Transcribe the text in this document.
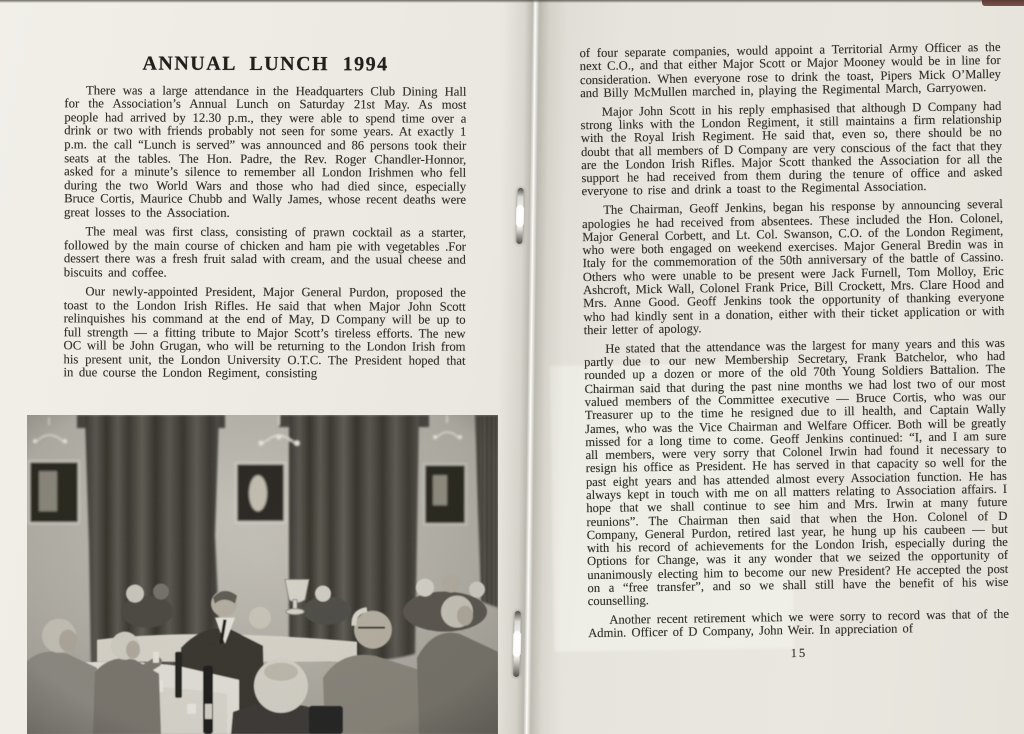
ANNUAL LUNCH 1994

There was a large attendance in the Headquarters Club Dining Hall for the Association’s Annual Lunch on Saturday 21st May. As most people had arrived by 12.30 p.m., they were able to spend time over a drink or two with friends probably not seen for some years. At exactly 1 p.m. the call “Lunch is served” was announced and 86 persons took their seats at the tables. The Hon. Padre, the Rev. Roger Chandler-Honnor, asked for a minute’s silence to remember all London Irishmen who fell during the two World Wars and those who had died since, especially Bruce Cortis, Maurice Chubb and Wally James, whose recent deaths were great losses to the Association.

The meal was first class, consisting of prawn cocktail as a starter, followed by the main course of chicken and ham pie with vegetables .For dessert there was a fresh fruit salad with cream, and the usual cheese and biscuits and coffee.

Our newly-appointed President, Major General Purdon, proposed the toast to the London Irish Rifles. He said that when Major John Scott relinquishes his command at the end of May, D Company will be up to full strength — a fitting tribute to Major Scott’s tireless efforts. The new OC will be John Grugan, who will be returning to the London Irish from his present unit, the London University O.T.C. The President hoped that in due course the London Regiment, consisting

of four separate companies, would appoint a Territorial Army Officer as the next C.O., and that either Major Scott or Major Mooney would be in line for consideration. When everyone rose to drink the toast, Pipers Mick O’Malley and Billy McMullen marched in, playing the Regimental March, Garryowen.

Major John Scott in his reply emphasised that although D Company had strong links with the London Regiment, it still maintains a firm relationship with the Royal Irish Regiment. He said that, even so, there should be no doubt that all members of D Company are very conscious of the fact that they are the London Irish Rifles. Major Scott thanked the Association for all the support he had received from them during the tenure of office and asked everyone to rise and drink a toast to the Regimental Association.

The Chairman, Geoff Jenkins, began his response by announcing several apologies he had received from absentees. These included the Hon. Colonel, Major General Corbett, and Lt. Col. Swanson, C.O. of the London Regiment, who were both engaged on weekend exercises. Major General Bredin was in Italy for the commemoration of the 50th anniversary of the battle of Cassino. Others who were unable to be present were Jack Furnell, Tom Molloy, Eric Ashcroft, Mick Wall, Colonel Frank Price, Bill Crockett, Mrs. Clare Hood and Mrs. Anne Good. Geoff Jenkins took the opportunity of thanking everyone who had kindly sent in a donation, either with their ticket application or with their letter of apology.

He stated that the attendance was the largest for many years and this was partly due to our new Membership Secretary, Frank Batchelor, who had rounded up a dozen or more of the old 70th Young Soldiers Battalion. The Chairman said that during the past nine months we had lost two of our most valued members of the Committee executive — Bruce Cortis, who was our Treasurer up to the time he resigned due to ill health, and Captain Wally James, who was the Vice Chairman and Welfare Officer. Both will be greatly missed for a long time to come. Geoff Jenkins continued: “I, and I am sure all members, were very sorry that Colonel Irwin had found it necessary to resign his office as President. He has served in that capacity so well for the past eight years and has attended almost every Association function. He has always kept in touch with me on all matters relating to Association affairs. I hope that we shall continue to see him and Mrs. Irwin at many future reunions”. The Chairman then said that when the Hon. Colonel of D Company, General Purdon, retired last year, he hung up his caubeen — but with his record of achievements for the London Irish, especially during the Options for Change, was it any wonder that we seized the opportunity of unanimously electing him to become our new President? He accepted the post on a “free transfer”, and so we shall still have the benefit of his wise counselling.

Another recent retirement which we were sorry to record was that of the Admin. Officer of D Company, John Weir. In appreciation of

15
